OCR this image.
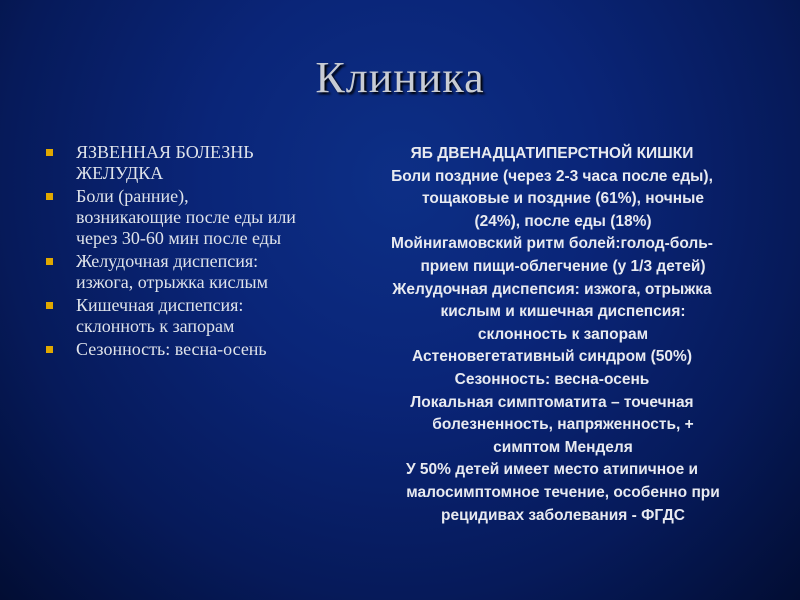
Клиника
ЯЗВЕННАЯ БОЛЕЗНЬ ЖЕЛУДКА
Боли (ранние), возникающие после еды или через 30-60 мин после еды
Желудочная диспепсия: изжога, отрыжка кислым
Кишечная диспепсия: склонноть к запорам
Сезонность: весна-осень
ЯБ ДВЕНАДЦАТИПЕРСТНОЙ КИШКИ
Боли поздние (через 2-3 часа после еды),
тощаковые и поздние (61%), ночные
(24%), после еды (18%)
Мойнигамовский ритм болей:голод-боль-
прием пищи-облегчение (у 1/3 детей)
Желудочная диспепсия: изжога, отрыжка
кислым и кишечная диспепсия:
склонность к запорам
Астеновегетативный синдром (50%)
Сезонность: весна-осень
Локальная симптоматита – точечная
болезненность, напряженность, +
симптом Менделя
У 50% детей имеет место атипичное и
малосимптомное течение, особенно при
рецидивах заболевания - ФГДС
